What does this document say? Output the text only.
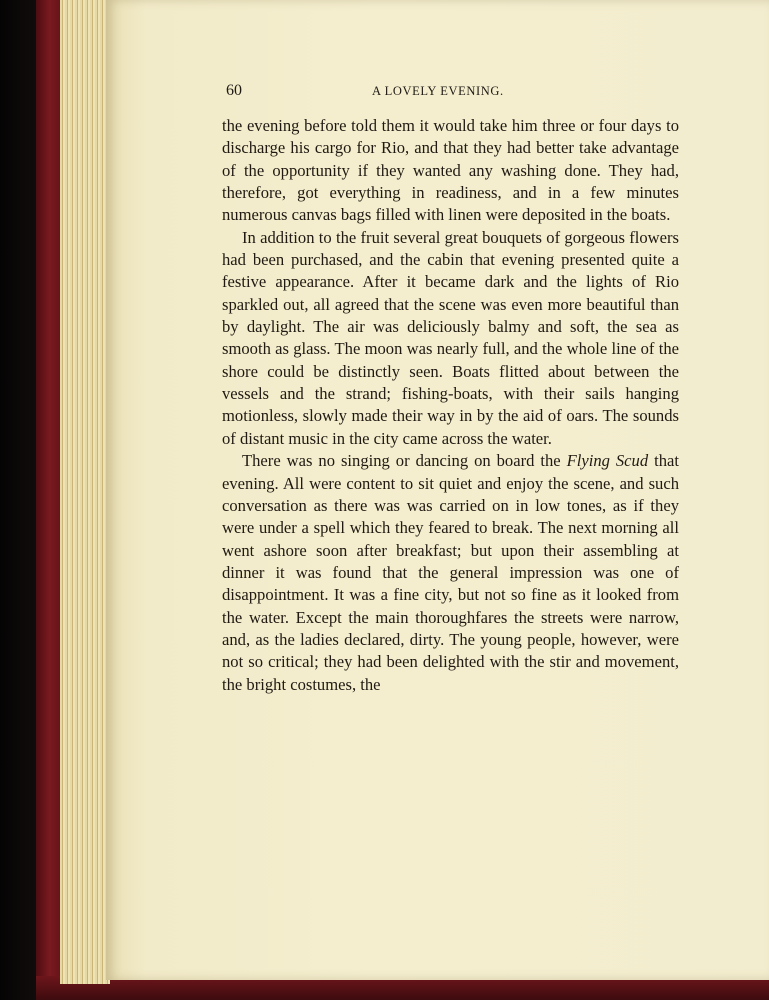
60	A LOVELY EVENING.

the evening before told them it would take him three or four days to discharge his cargo for Rio, and that they had better take advantage of the opportunity if they wanted any washing done. They had, therefore, got everything in readiness, and in a few minutes numerous canvas bags filled with linen were deposited in the boats.

In addition to the fruit several great bouquets of gorgeous flowers had been purchased, and the cabin that evening presented quite a festive appearance. After it became dark and the lights of Rio sparkled out, all agreed that the scene was even more beautiful than by daylight. The air was deliciously balmy and soft, the sea as smooth as glass. The moon was nearly full, and the whole line of the shore could be distinctly seen. Boats flitted about between the vessels and the strand; fishing-boats, with their sails hanging motionless, slowly made their way in by the aid of oars. The sounds of distant music in the city came across the water.

There was no singing or dancing on board the Flying Scud that evening. All were content to sit quiet and enjoy the scene, and such conversation as there was was carried on in low tones, as if they were under a spell which they feared to break. The next morning all went ashore soon after breakfast; but upon their assembling at dinner it was found that the general impression was one of disappointment. It was a fine city, but not so fine as it looked from the water. Except the main thoroughfares the streets were narrow, and, as the ladies declared, dirty. The young people, however, were not so critical; they had been delighted with the stir and movement, the bright costumes, the
